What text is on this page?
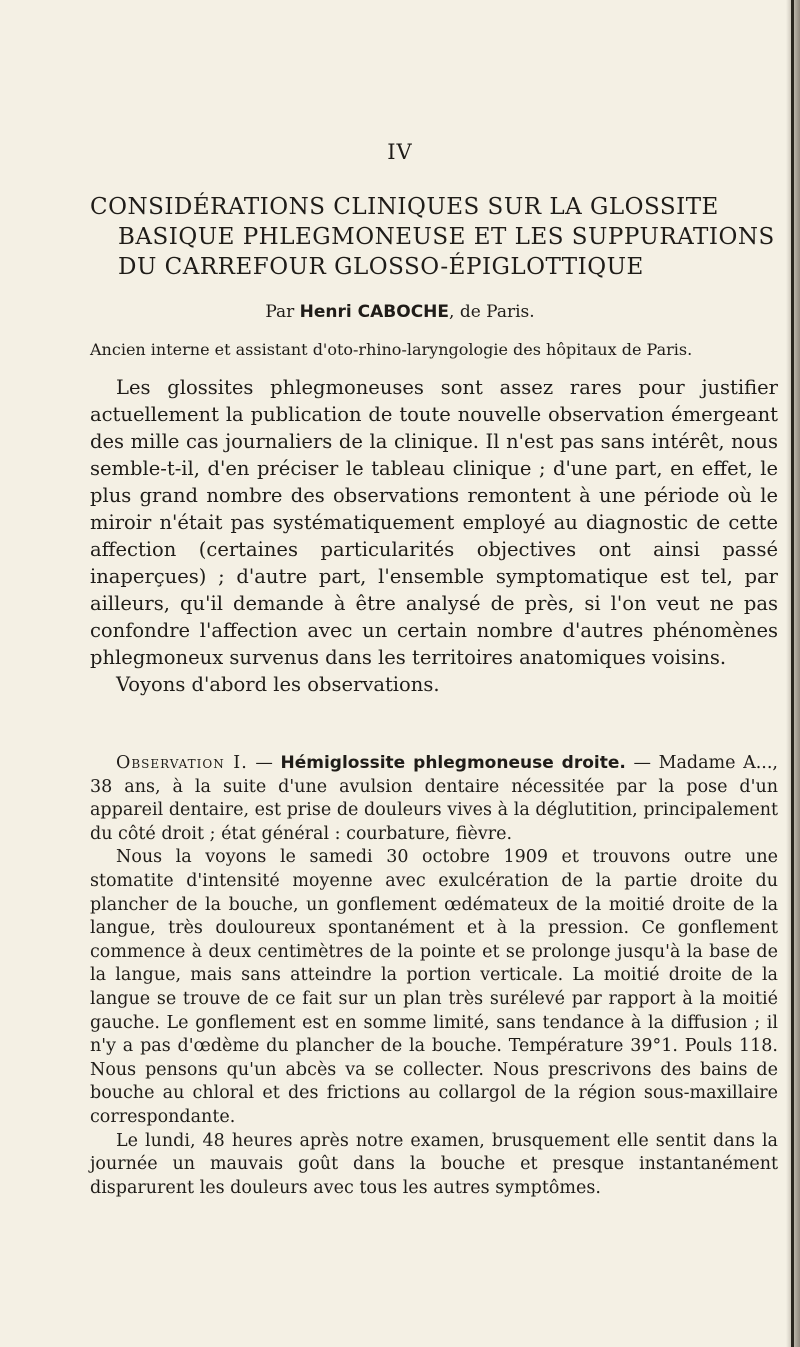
IV
CONSIDÉRATIONS CLINIQUES SUR LA GLOSSITE
BASIQUE PHLEGMONEUSE ET LES SUPPURATIONS
DU CARREFOUR GLOSSO-ÉPIGLOTTIQUE
Par Henri CABOCHE, de Paris.
Ancien interne et assistant d'oto-rhino-laryngologie des hôpitaux de Paris.

Les glossites phlegmoneuses sont assez rares pour justifier actuellement la publication de toute nouvelle observation émergeant des mille cas journaliers de la clinique. Il n'est pas sans intérêt, nous semble-t-il, d'en préciser le tableau clinique ; d'une part, en effet, le plus grand nombre des observations remontent à une période où le miroir n'était pas systématiquement employé au diagnostic de cette affection (certaines particularités objectives ont ainsi passé inaperçues) ; d'autre part, l'ensemble symptomatique est tel, par ailleurs, qu'il demande à être analysé de près, si l'on veut ne pas confondre l'affection avec un certain nombre d'autres phénomènes phlegmoneux survenus dans les territoires anatomiques voisins.

Voyons d'abord les observations.

Observation I. — Hémiglossite phlegmoneuse droite. — Madame A..., 38 ans, à la suite d'une avulsion dentaire nécessitée par la pose d'un appareil dentaire, est prise de douleurs vives à la déglutition, principalement du côté droit ; état général : courbature, fièvre.

Nous la voyons le samedi 30 octobre 1909 et trouvons outre une stomatite d'intensité moyenne avec exulcération de la partie droite du plancher de la bouche, un gonflement œdémateux de la moitié droite de la langue, très douloureux spontanément et à la pression. Ce gonflement commence à deux centimètres de la pointe et se prolonge jusqu'à la base de la langue, mais sans atteindre la portion verticale. La moitié droite de la langue se trouve de ce fait sur un plan très surélevé par rapport à la moitié gauche. Le gonflement est en somme limité, sans tendance à la diffusion ; il n'y a pas d'œdème du plancher de la bouche. Température 39°1. Pouls 118. Nous pensons qu'un abcès va se collecter. Nous prescrivons des bains de bouche au chloral et des frictions au collargol de la région sous-maxillaire correspondante.

Le lundi, 48 heures après notre examen, brusquement elle sentit dans la journée un mauvais goût dans la bouche et presque instantanément disparurent les douleurs avec tous les autres symptômes.
